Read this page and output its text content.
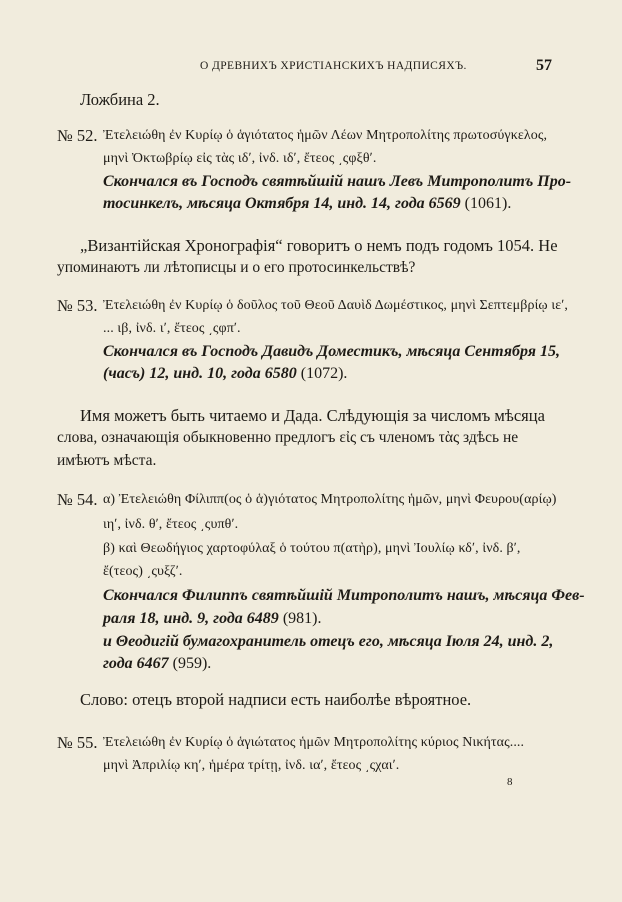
О ДРЕВНИХЪ ХРИСТІАНСКИХЪ НАДПИСЯХЪ.	57
Ложбина 2.
№ 52. Ἐτελειώθη ἐν Κυρίῳ ὁ ἁγιότατος ἡμῶν Λέων Μητροπολίτης πρωτοσύγκελος,
μηνὶ Ὀκτωβρίῳ εἰς τὰς ιδʹ, ἰνδ. ιδʹ, ἔτεος ͵ςφξθʹ.
Скончался въ Господъ святѣйшій нашъ Левъ Митрополитъ Про-
тосинкелъ, мѣсяца Октября 14, инд. 14, года 6569 (1061).
„Византійская Хронографія“ говоритъ о немъ подъ годомъ 1054. Не
упоминаютъ ли лѣтописцы и о его протосинкельствѣ?
№ 53. Ἐτελειώθη ἐν Κυρίῳ ὁ δοῦλος τοῦ Θεοῦ Δαυὶδ Δωμέστικος, μηνὶ Σεπτεμβρίῳ ιεʹ,
... ιβ, ἰνδ. ιʹ, ἔτεος ͵ςφπʹ.
Скончался въ Господъ Давидъ Доместикъ, мѣсяца Сентября 15,
(часъ) 12, инд. 10, года 6580 (1072).
Имя можетъ быть читаемо и Дада. Слѣдующія за числомъ мѣсяца
слова, означающія обыкновенно предлогъ εἰς съ членомъ τὰς здѣсь не
имѣютъ мѣста.
№ 54. α) Ἐτελειώθη Φίλιππ(ος ὁ ἁ)γιότατος Μητροπολίτης ἡμῶν, μηνὶ Φευρου(αρίῳ)
ιηʹ, ἰνδ. θʹ, ἔτεος ͵ςυπθʹ.
β) καὶ Θεωδήγιος χαρτοφύλαξ ὁ τούτου π(ατὴρ), μηνὶ Ἰουλίῳ κδʹ, ἰνδ. βʹ,
ἔ(τεος) ͵ςυξζʹ.
Скончался Филиппъ святѣйшій Митрополитъ нашъ, мѣсяца Фев-
раля 18, инд. 9, года 6489 (981).
и Θеодигій бумагохранитель отецъ его, мѣсяца Іюля 24, инд. 2,
года 6467 (959).
Слово: отецъ второй надписи есть наиболѣе вѣроятное.
№ 55. Ἐτελειώθη ἐν Κυρίῳ ὁ ἁγιώτατος ἡμῶν Μητροπολίτης κύριος Νικήτας....
μηνὶ Ἀπριλίῳ κηʹ, ἡμέρα τρίτῃ, ἰνδ. ιαʹ, ἔτεος ͵ςχαιʹ.
8
